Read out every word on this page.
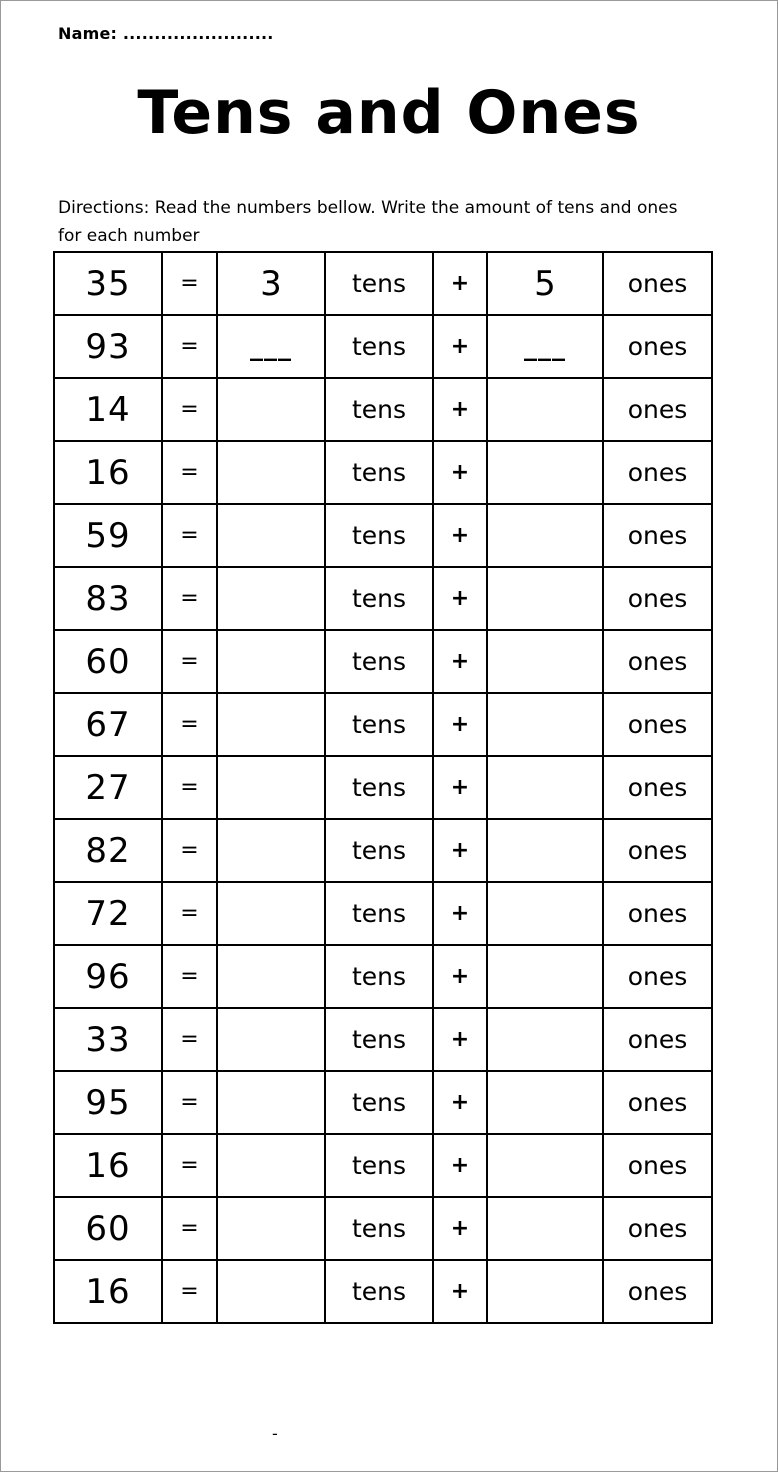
Name: ........................
Tens and Ones
Directions: Read the numbers bellow. Write the amount of tens and ones
for each number
35	=	3	tens	+	5	ones
93	=	___	tens	+	___	ones
14	=		tens	+		ones
16	=		tens	+		ones
59	=		tens	+		ones
83	=		tens	+		ones
60	=		tens	+		ones
67	=		tens	+		ones
27	=		tens	+		ones
82	=		tens	+		ones
72	=		tens	+		ones
96	=		tens	+		ones
33	=		tens	+		ones
95	=		tens	+		ones
16	=		tens	+		ones
60	=		tens	+		ones
16	=		tens	+		ones
-
